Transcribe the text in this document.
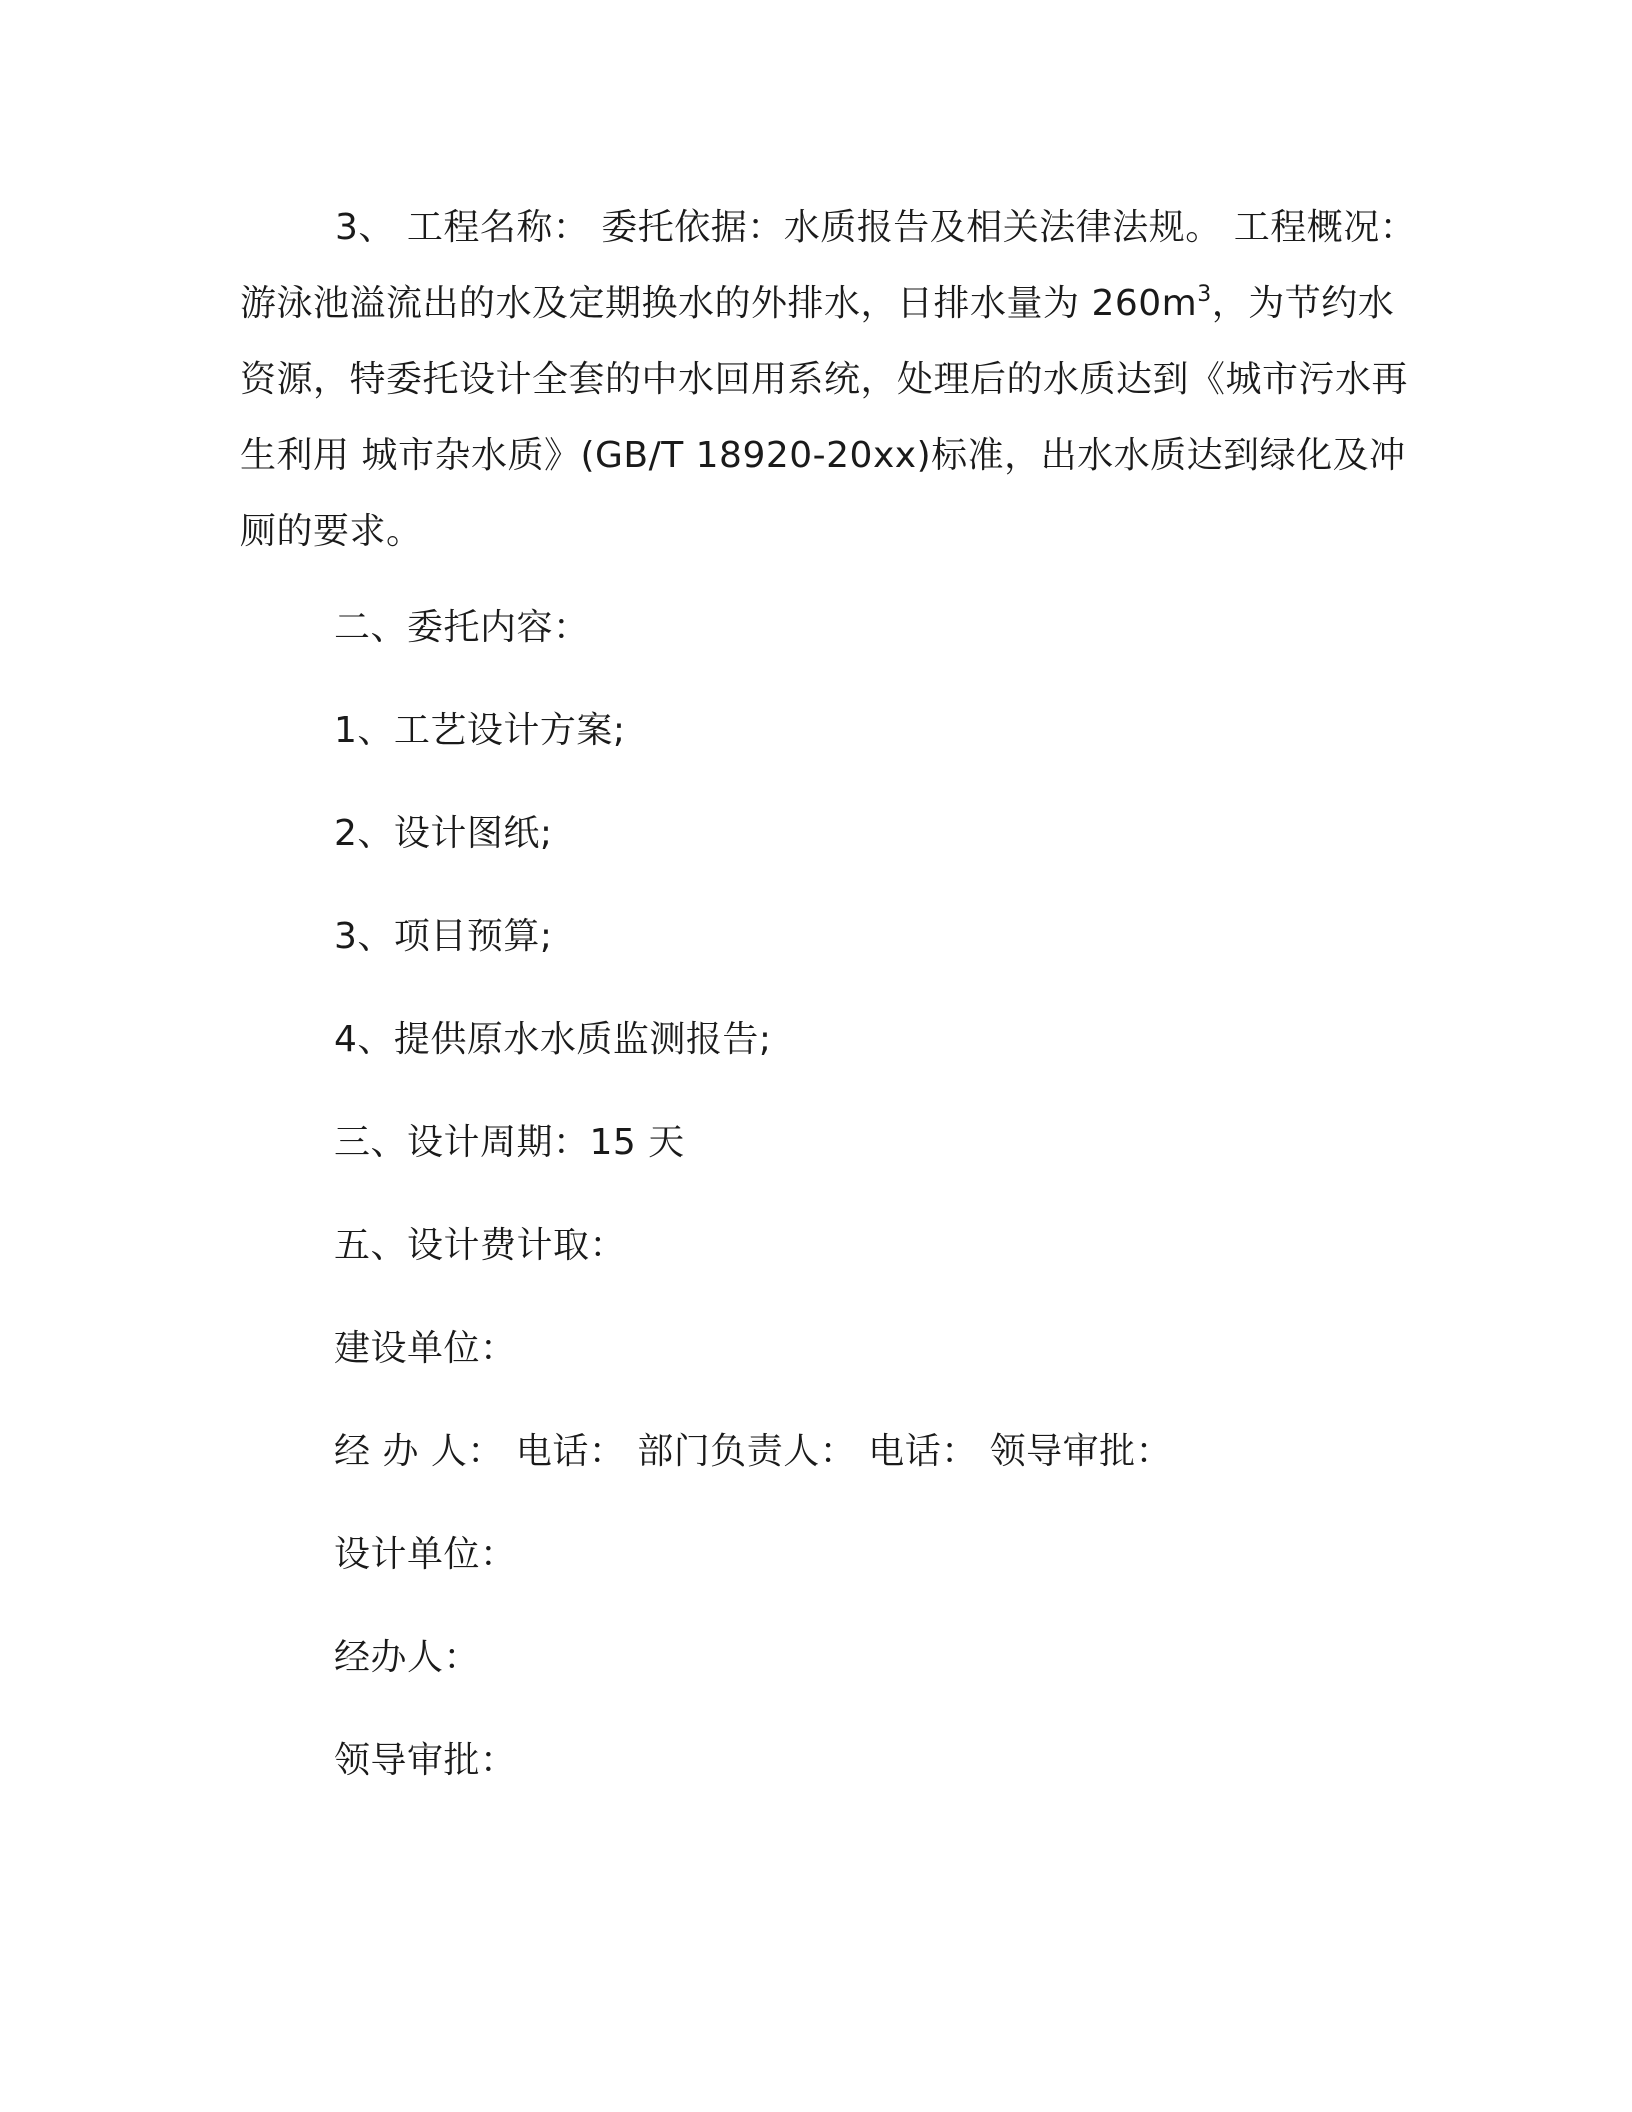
3、 工程名称： 委托依据：水质报告及相关法律法规。 工程概况：游泳池溢流出的水及定期换水的外排水，日排水量为 $260m^3$，为节约水资源，特委托设计全套的中水回用系统，处理后的水质达到《城市污水再生利用 城市杂水质》(GB/T 18920-20xx)标准，出水水质达到绿化及冲厕的要求。

二、委托内容：

1、工艺设计方案;

2、设计图纸;

3、项目预算;

4、提供原水水质监测报告;

三、设计周期：15 天

五、设计费计取：

建设单位：

经 办 人： 电话： 部门负责人： 电话： 领导审批：

设计单位：

经办人：

领导审批：
